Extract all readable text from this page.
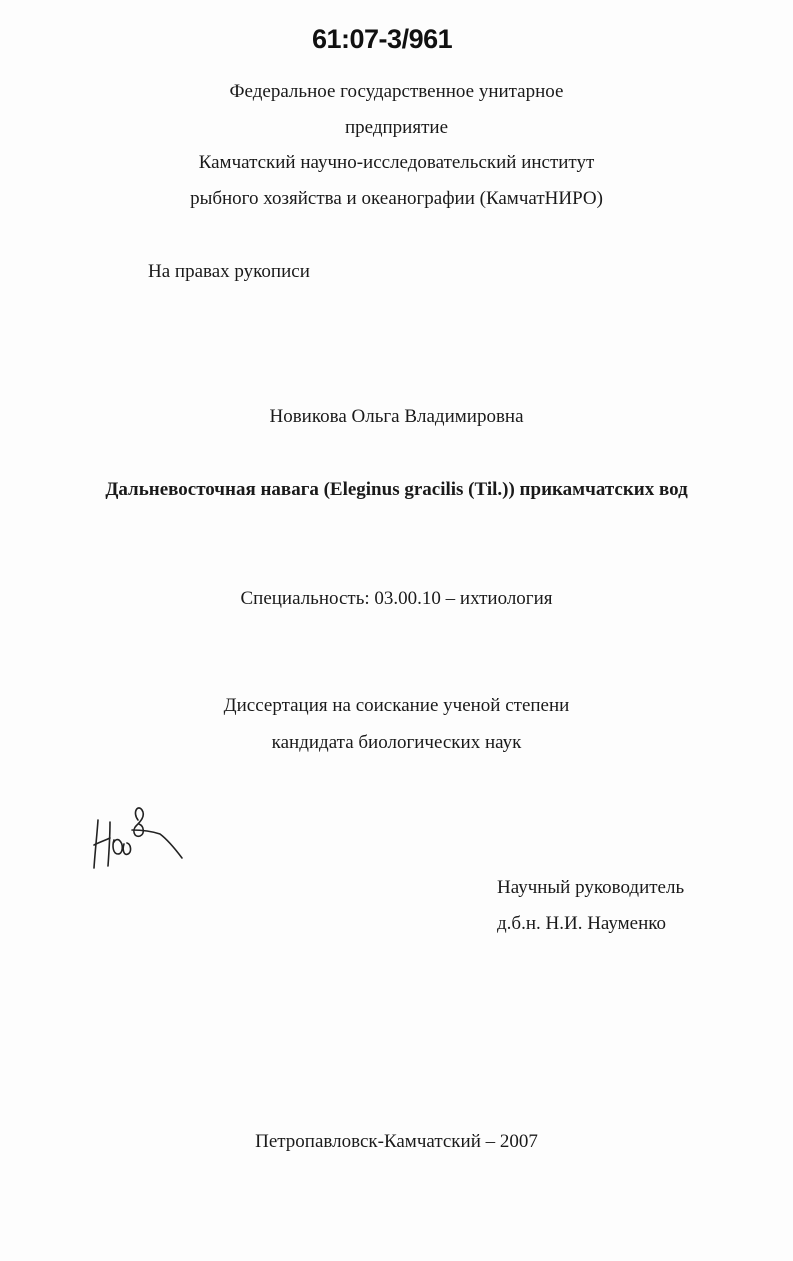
61:07-3/961
Федеральное государственное унитарное
предприятие
Камчатский научно-исследовательский институт
рыбного хозяйства и океанографии (КамчатНИРО)
На правах рукописи
Новикова Ольга Владимировна
Дальневосточная навага (Eleginus gracilis (Til.)) прикамчатских вод
Специальность: 03.00.10 – ихтиология
Диссертация на соискание ученой степени
кандидата биологических наук
Научный руководитель
д.б.н. Н.И. Науменко
Петропавловск-Камчатский – 2007
